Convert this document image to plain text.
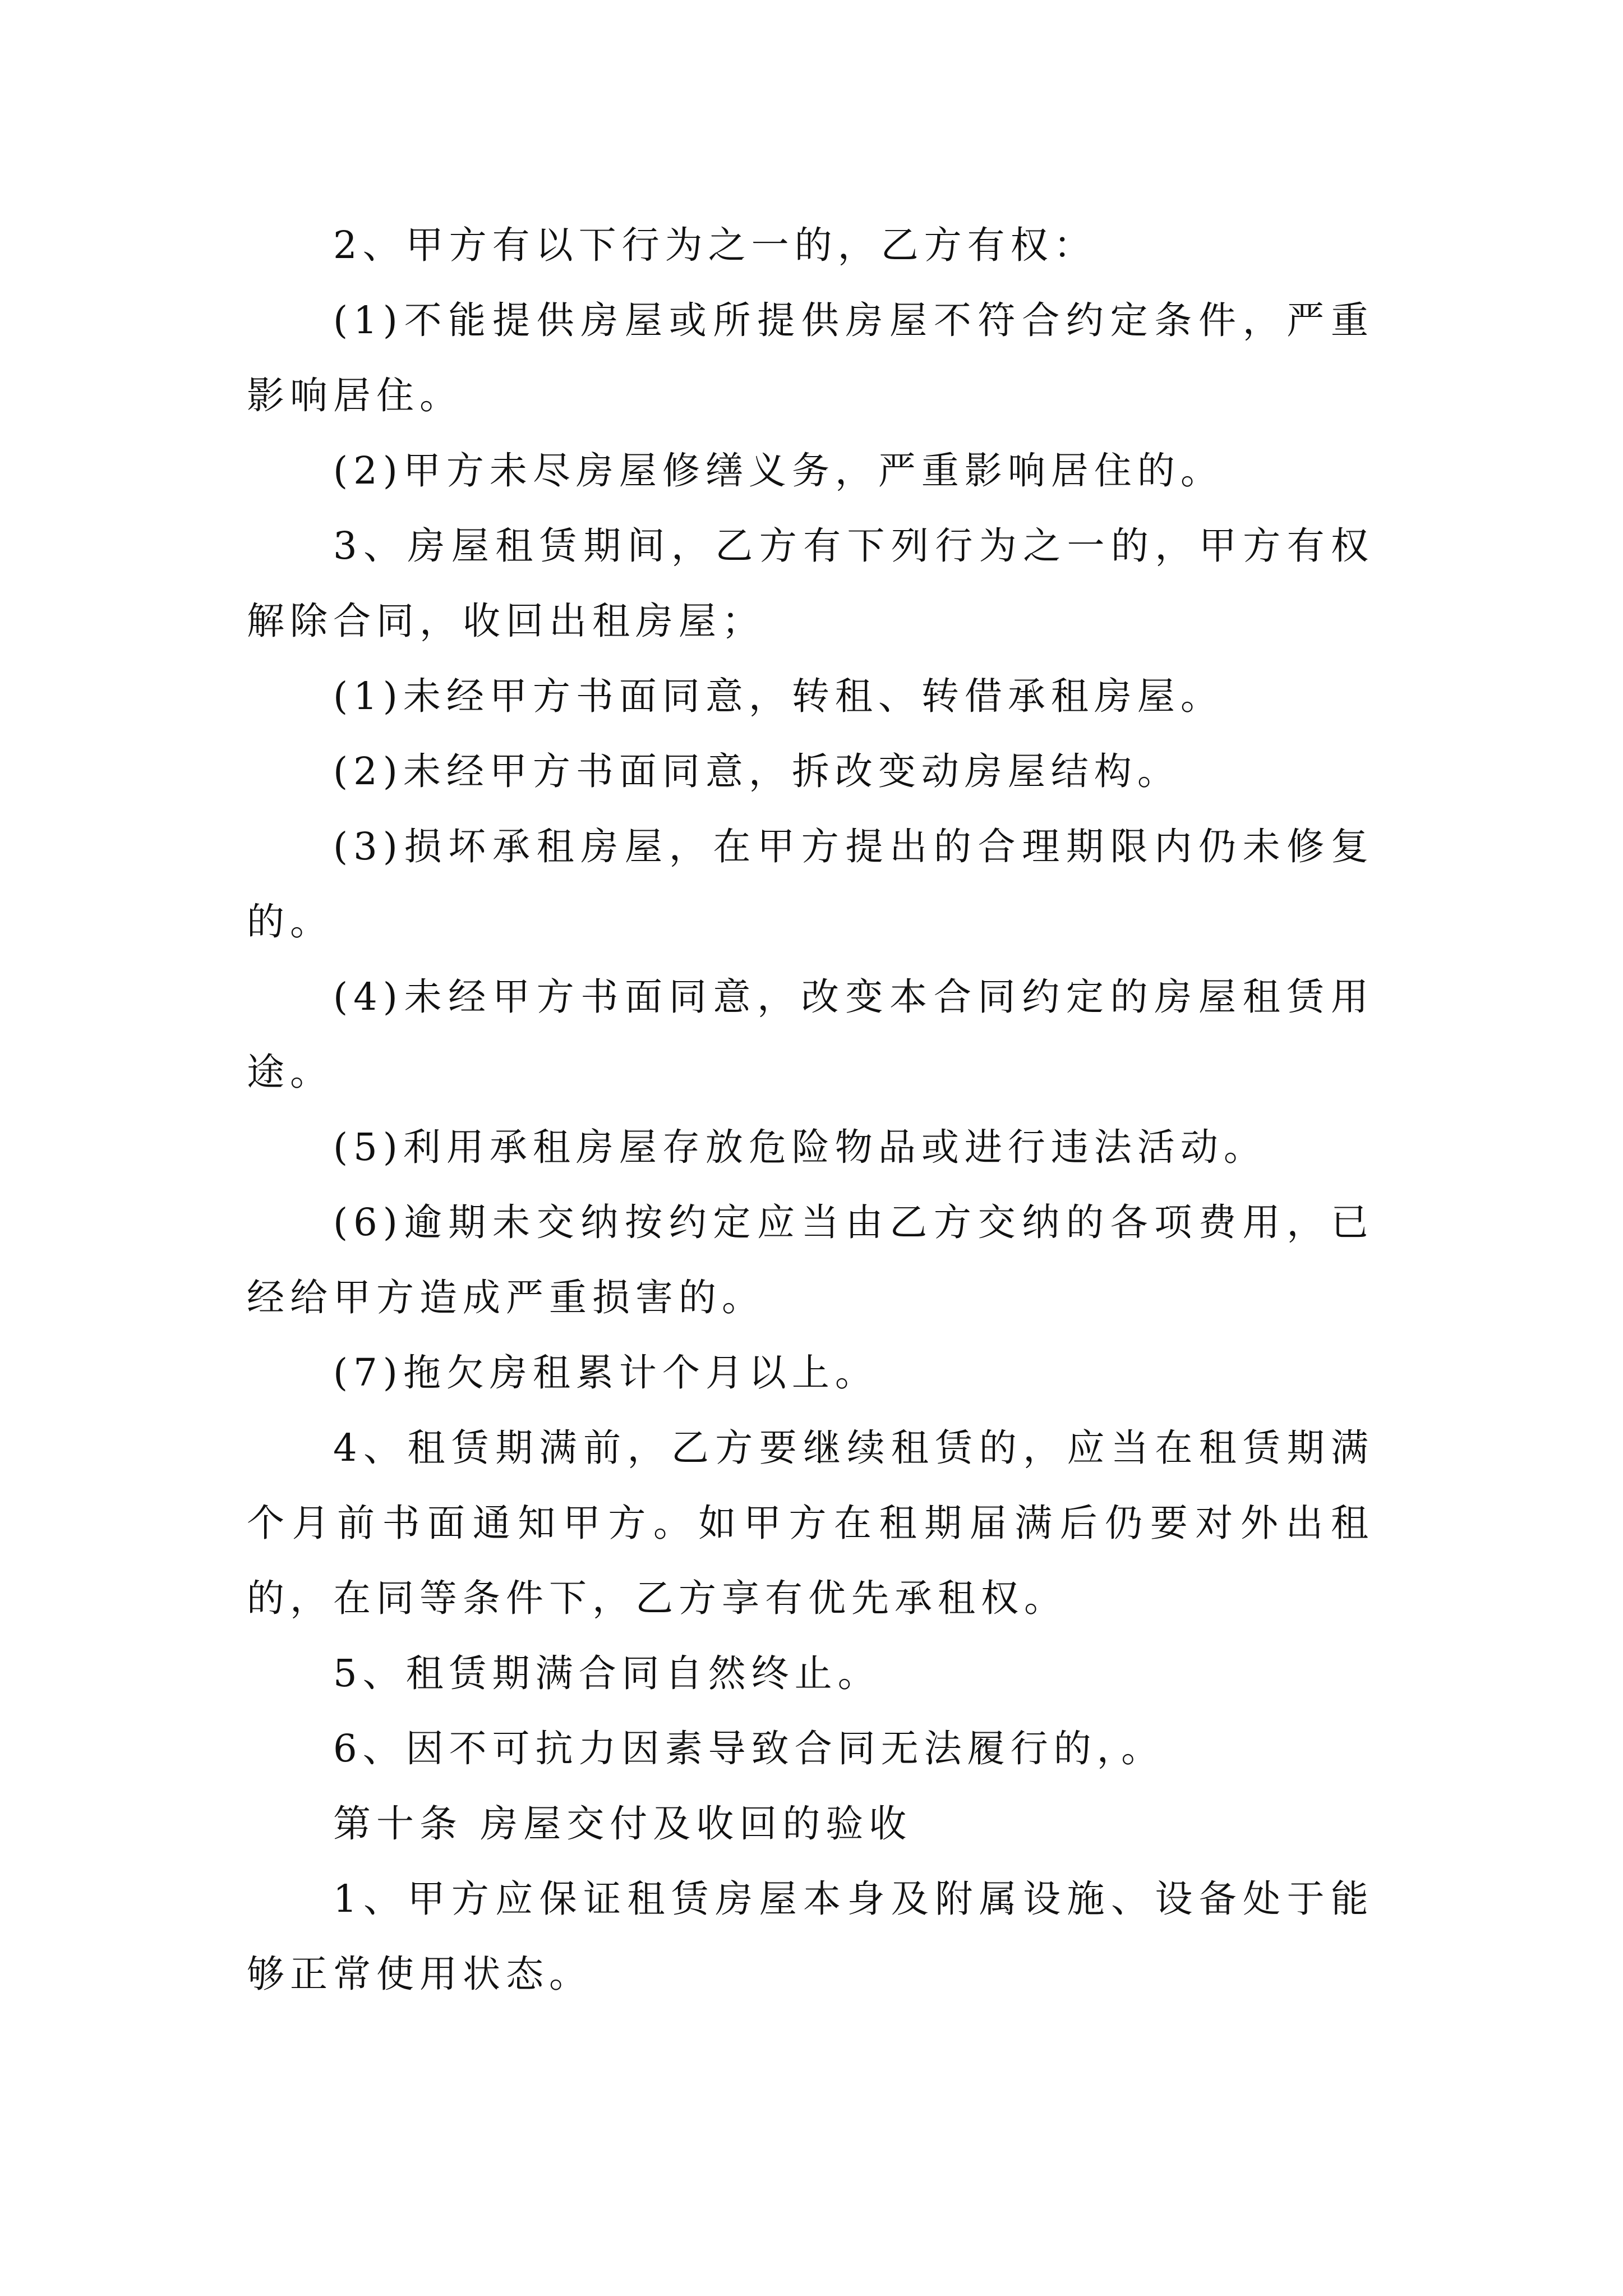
2、甲方有以下行为之一的，乙方有权：

(1)不能提供房屋或所提供房屋不符合约定条件，严重影响居住。

(2)甲方未尽房屋修缮义务，严重影响居住的。

3、房屋租赁期间，乙方有下列行为之一的，甲方有权解除合同，收回出租房屋；

(1)未经甲方书面同意，转租、转借承租房屋。

(2)未经甲方书面同意，拆改变动房屋结构。

(3)损坏承租房屋，在甲方提出的合理期限内仍未修复的。

(4)未经甲方书面同意，改变本合同约定的房屋租赁用途。

(5)利用承租房屋存放危险物品或进行违法活动。

(6)逾期未交纳按约定应当由乙方交纳的各项费用，已经给甲方造成严重损害的。

(7)拖欠房租累计个月以上。

4、租赁期满前，乙方要继续租赁的，应当在租赁期满个月前书面通知甲方。如甲方在租期届满后仍要对外出租的，在同等条件下，乙方享有优先承租权。

5、租赁期满合同自然终止。

6、因不可抗力因素导致合同无法履行的，。

第十条 房屋交付及收回的验收

1、甲方应保证租赁房屋本身及附属设施、设备处于能够正常使用状态。
